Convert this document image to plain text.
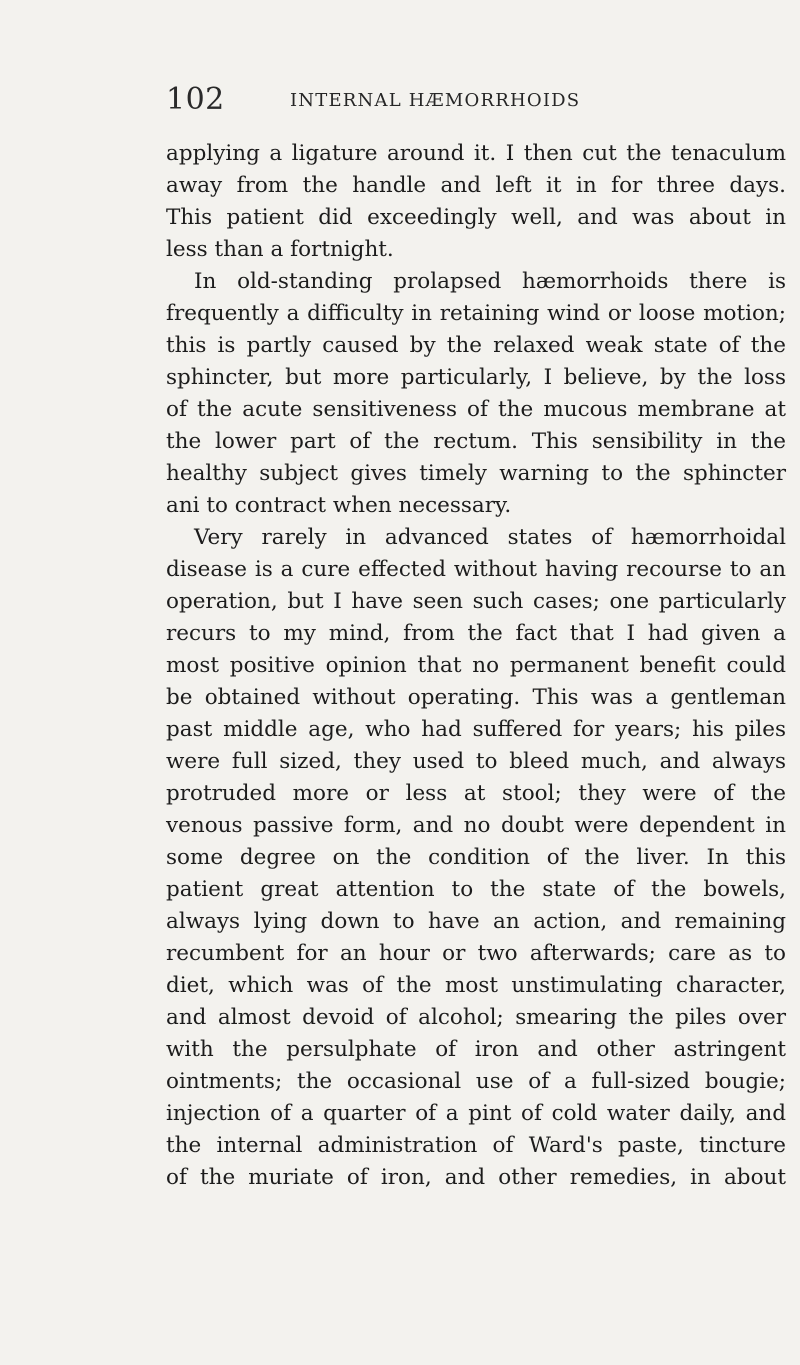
102	INTERNAL HÆMORRHOIDS
applying a ligature around it. I then cut the tenaculum
away from the handle and left it in for three days.
This patient did exceedingly well, and was about in
less than a fortnight.
In old-standing prolapsed hæmorrhoids there is
frequently a difficulty in retaining wind or loose motion;
this is partly caused by the relaxed weak state of the
sphincter, but more particularly, I believe, by the loss
of the acute sensitiveness of the mucous membrane at
the lower part of the rectum. This sensibility in the
healthy subject gives timely warning to the sphincter
ani to contract when necessary.
Very rarely in advanced states of hæmorrhoidal
disease is a cure effected without having recourse to an
operation, but I have seen such cases; one particularly
recurs to my mind, from the fact that I had given a
most positive opinion that no permanent benefit could
be obtained without operating. This was a gentleman
past middle age, who had suffered for years; his piles
were full sized, they used to bleed much, and always
protruded more or less at stool; they were of the
venous passive form, and no doubt were dependent in
some degree on the condition of the liver. In this
patient great attention to the state of the bowels,
always lying down to have an action, and remaining
recumbent for an hour or two afterwards; care as to
diet, which was of the most unstimulating character,
and almost devoid of alcohol; smearing the piles over
with the persulphate of iron and other astringent
ointments; the occasional use of a full-sized bougie;
injection of a quarter of a pint of cold water daily, and
the internal administration of Ward's paste, tincture
of the muriate of iron, and other remedies, in about
